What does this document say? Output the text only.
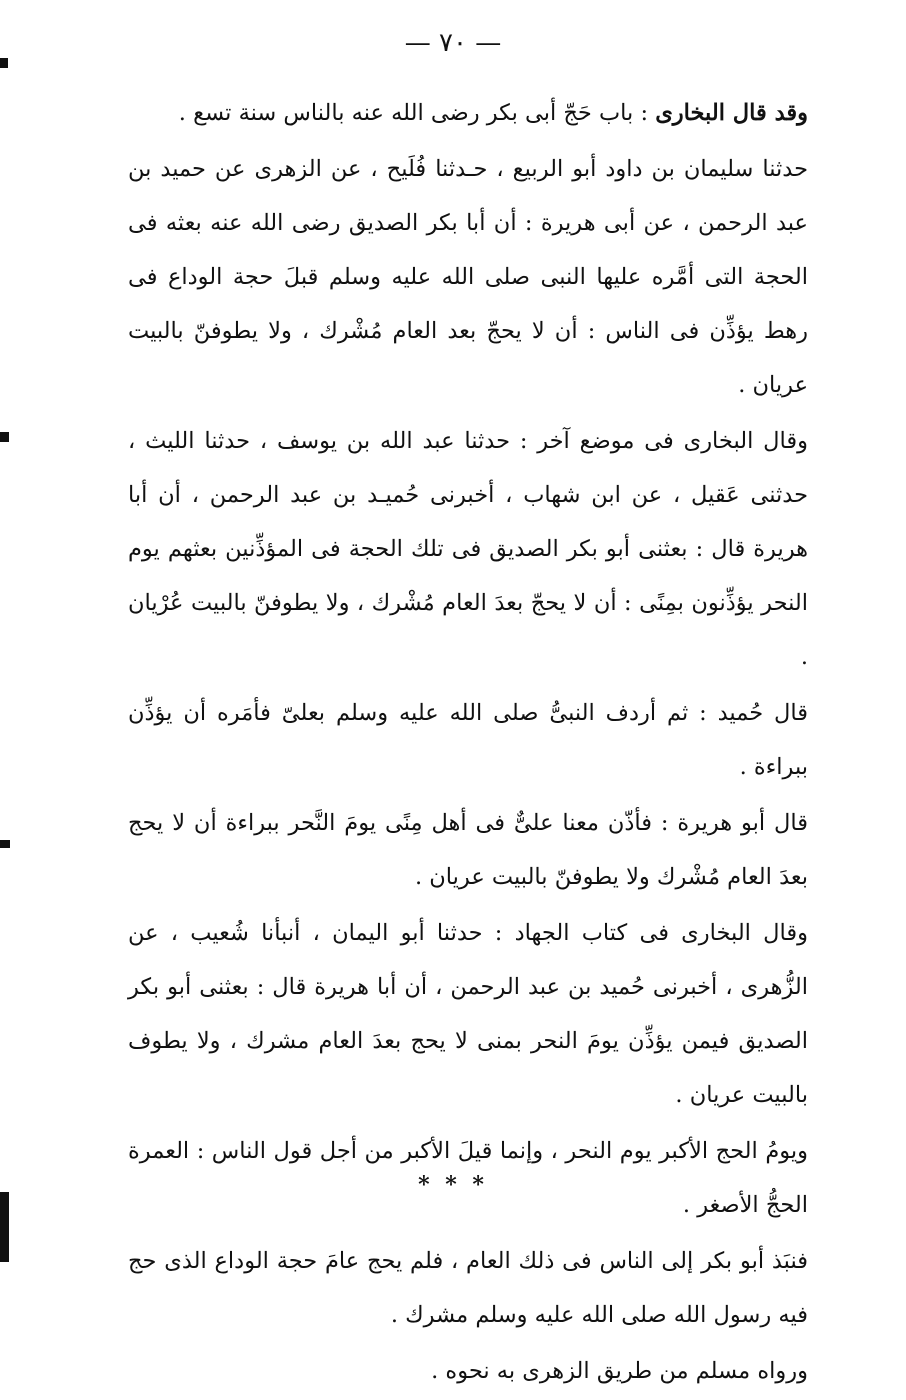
— ٧٠ —

وقد قال البخارى : باب حَجّ أبى بكر رضى الله عنه بالناس سنة تسع .

حدثنا سليمان بن داود أبو الربيع ، حـدثنا فُلَيح ، عن الزهرى عن حميد بن عبد الرحمن ، عن أبى هريرة : أن أبا بكر الصديق رضى الله عنه بعثه فى الحجة التى أمَّره عليها النبى صلى الله عليه وسلم قبلَ حجة الوداع فى رهط يؤذِّن فى الناس : أن لا يحجّ بعد العام مُشْرك ، ولا يطوفنّ بالبيت عريان .

وقال البخارى فى موضع آخر : حدثنا عبد الله بن يوسف ، حدثنا الليث ، حدثنى عَقيل ، عن ابن شهاب ، أخبرنى حُميـد بن عبد الرحمن ، أن أبا هريرة قال : بعثنى أبو بكر الصديق فى تلك الحجة فى المؤذِّنين بعثهم يوم النحر يؤذِّنون بمِنًى : أن لا يحجّ بعدَ العام مُشْرك ، ولا يطوفنّ بالبيت عُرْيان .

قال حُميد : ثم أردف النبىُّ صلى الله عليه وسلم بعلىّ فأمَره أن يؤذِّن ببراءة .

قال أبو هريرة : فأذّن معنا علىٌّ فى أهل مِنًى يومَ النَّحر ببراءة أن لا يحج بعدَ العام مُشْرك ولا يطوفنّ بالبيت عريان .

وقال البخارى فى كتاب الجهاد : حدثنا أبو اليمان ، أنبأنا شُعيب ، عن الزُّهرى ، أخبرنى حُميد بن عبد الرحمن ، أن أبا هريرة قال : بعثنى أبو بكر الصديق فيمن يؤذِّن يومَ النحر بمنى لا يحج بعدَ العام مشرك ، ولا يطوف بالبيت عريان .

ويومُ الحج الأكبر يوم النحر ، وإنما قيلَ الأكبر من أجل قول الناس : العمرة الحجُّ الأصغر .

فنبَذ أبو بكر إلى الناس فى ذلك العام ، فلم يحج عامَ حجة الوداع الذى حج فيه رسول الله صلى الله عليه وسلم مشرك .

ورواه مسلم من طريق الزهرى به نحوه .

* * *
